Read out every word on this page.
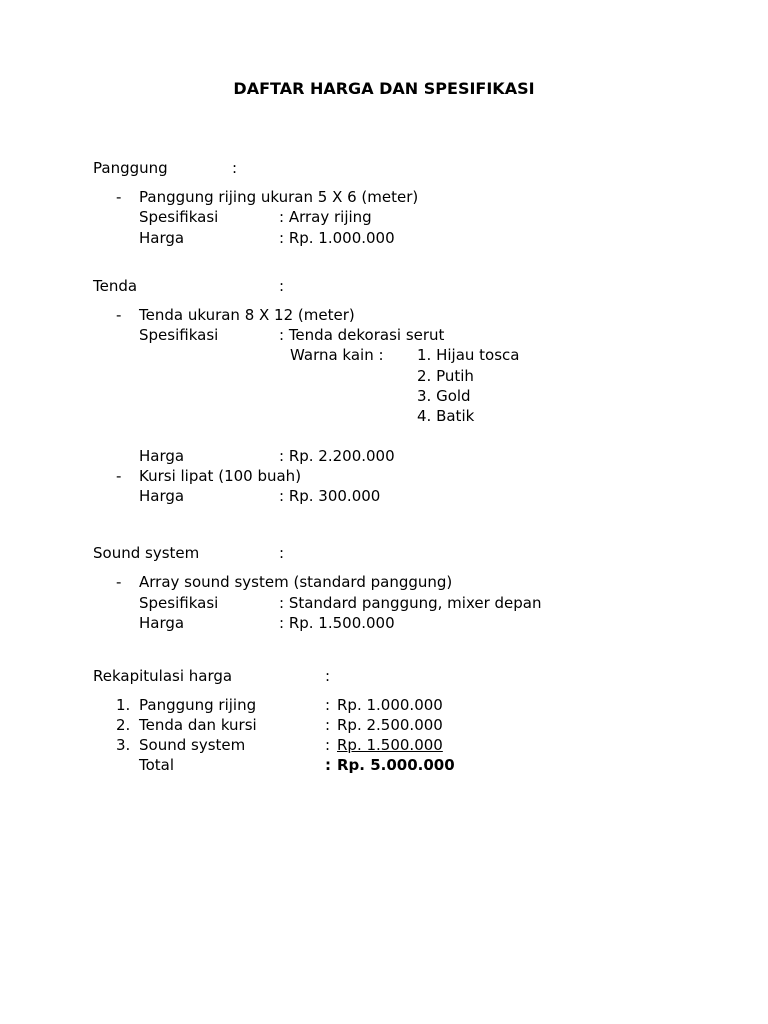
DAFTAR HARGA DAN SPESIFIKASI
Panggung	:
- Panggung rijing ukuran 5 X 6 (meter)
Spesifikasi	: Array rijing
Harga	: Rp. 1.000.000
Tenda	:
- Tenda ukuran 8 X 12 (meter)
Spesifikasi	: Tenda dekorasi serut
Warna kain : 1. Hijau tosca
2. Putih
3. Gold
4. Batik
Harga	: Rp. 2.200.000
- Kursi lipat (100 buah)
Harga	: Rp. 300.000
Sound system	:
- Array sound system (standard panggung)
Spesifikasi	: Standard panggung, mixer depan
Harga	: Rp. 1.500.000
Rekapitulasi harga	:
1. Panggung rijing	: Rp. 1.000.000
2. Tenda dan kursi	: Rp. 2.500.000
3. Sound system	: Rp. 1.500.000
Total	: Rp. 5.000.000
